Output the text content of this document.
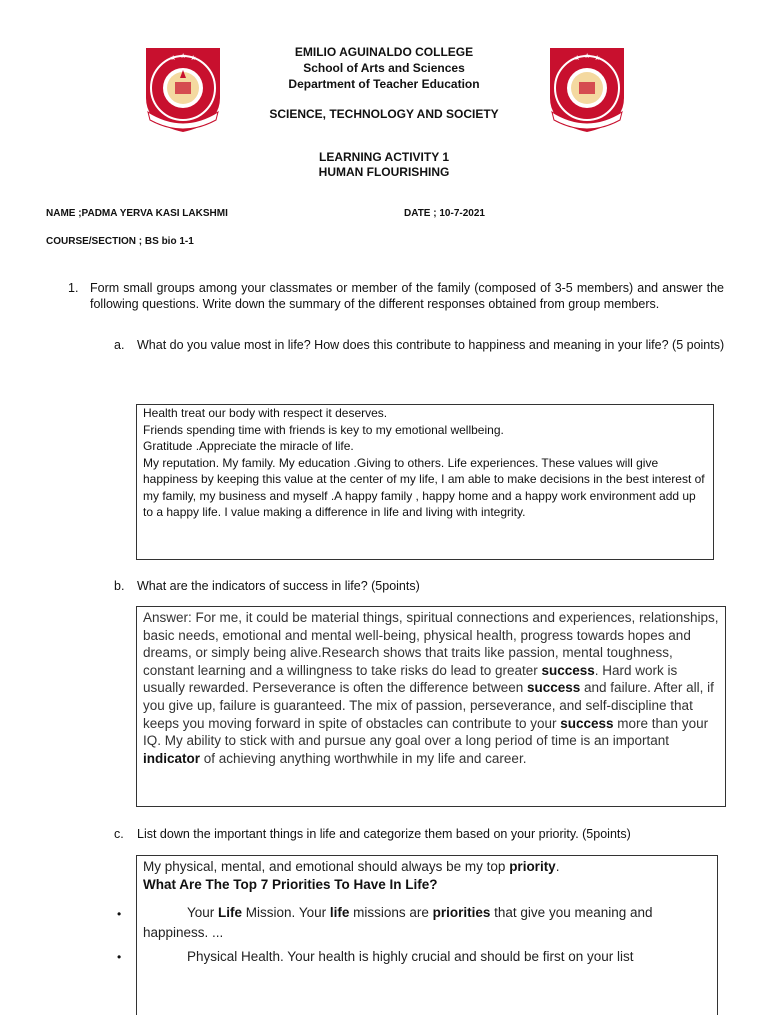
★ ★ ★	★ ★ ★
EMILIO AGUINALDO COLLEGE
School of Arts and Sciences
Department of Teacher Education
SCIENCE, TECHNOLOGY AND SOCIETY
LEARNING ACTIVITY 1
HUMAN FLOURISHING
NAME ;PADMA YERVA KASI LAKSHMI	DATE ; 10-7-2021
COURSE/SECTION ; BS bio 1-1
1. Form small groups among your classmates or member of the family (composed of 3-5 members) and answer the following questions. Write down the summary of the different responses obtained from group members.
a. What do you value most in life? How does this contribute to happiness and meaning in your life? (5 points)

Health treat our body with respect it deserves.

Friends spending time with friends is key to my emotional wellbeing.

Gratitude .Appreciate the miracle of life.

My reputation. My family. My education .Giving to others. Life experiences. These values will give happiness by keeping this value at the center of my life, I am able to make decisions in the best interest of my family, my business and myself .A happy family , happy home and a happy work environment add up to a happy life. I value making a difference in life and living with integrity.

b. What are the indicators of success in life? (5points)

Answer: For me, it could be material things, spiritual connections and experiences, relationships, basic needs, emotional and mental well-being, physical health, progress towards hopes and dreams, or simply being alive.Research shows that traits like passion, mental toughness, constant learning and a willingness to take risks do lead to greater success. Hard work is usually rewarded. Perseverance is often the difference between success and failure. After all, if you give up, failure is guaranteed. The mix of passion, perseverance, and self-discipline that keeps you moving forward in spite of obstacles can contribute to your success more than your IQ. My ability to stick with and pursue any goal over a long period of time is an important indicator of achieving anything worthwhile in my life and career.

c. List down the important things in life and categorize them based on your priority. (5points)

My physical, mental, and emotional should always be my top priority.

What Are The Top 7 Priorities To Have In Life?

Your Life Mission. Your life missions are priorities that give you meaning and happiness. ...

Physical Health. Your health is highly crucial and should be first on your list

•
•
